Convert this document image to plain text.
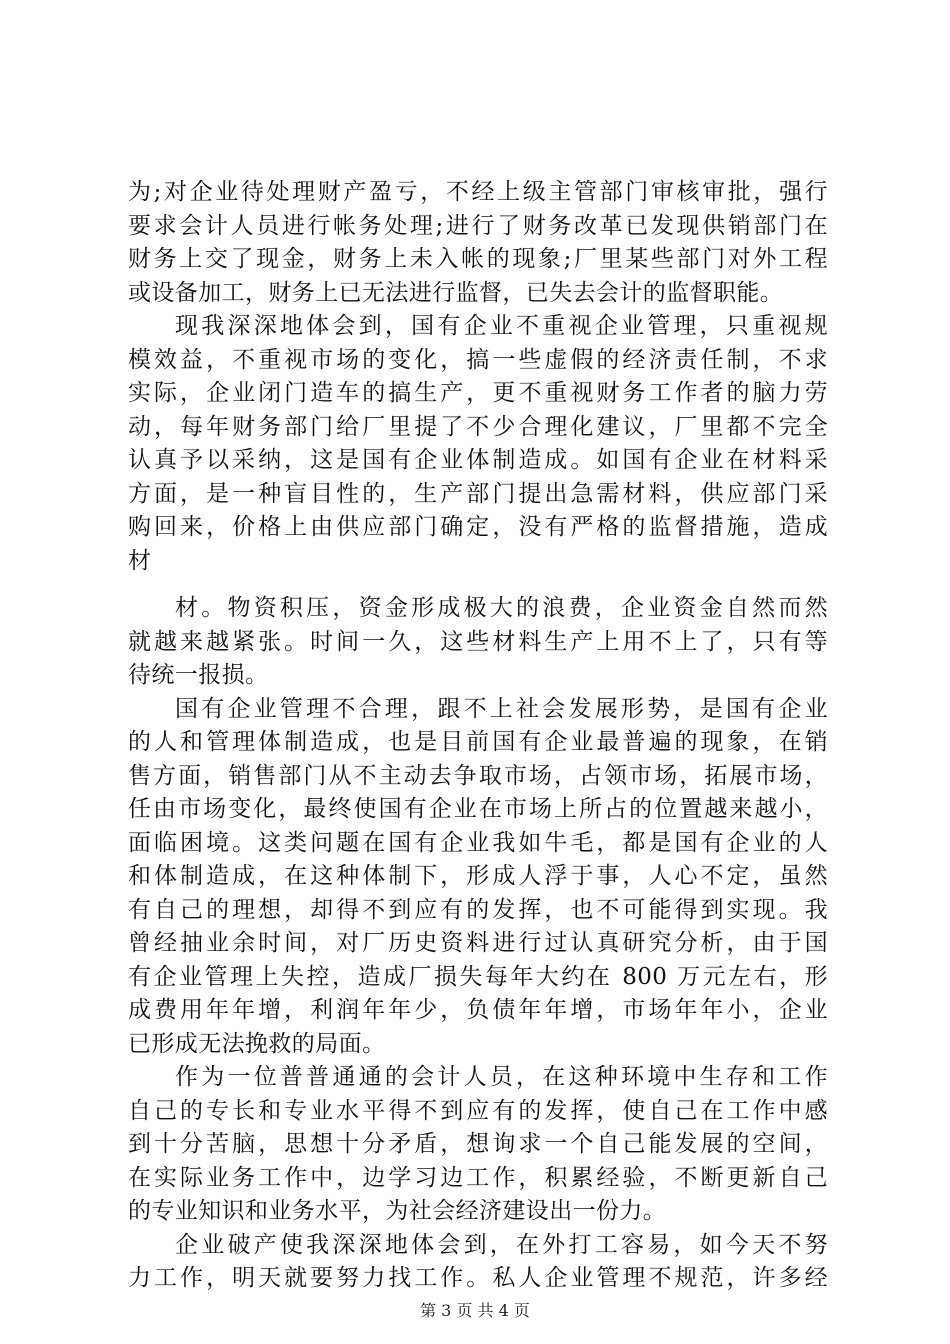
为;对企业待处理财产盈亏，不经上级主管部门审核审批，强行
要求会计人员进行帐务处理;进行了财务改革已发现供销部门在
财务上交了现金，财务上未入帐的现象;厂里某些部门对外工程
或设备加工，财务上已无法进行监督，已失去会计的监督职能。
现我深深地体会到，国有企业不重视企业管理，只重视规
模效益，不重视市场的变化，搞一些虚假的经济责任制，不求
实际，企业闭门造车的搞生产，更不重视财务工作者的脑力劳
动，每年财务部门给厂里提了不少合理化建议，厂里都不完全
认真予以采纳，这是国有企业体制造成。如国有企业在材料采
方面，是一种盲目性的，生产部门提出急需材料，供应部门采
购回来，价格上由供应部门确定，没有严格的监督措施，造成
材
材。物资积压，资金形成极大的浪费，企业资金自然而然
就越来越紧张。时间一久，这些材料生产上用不上了，只有等
待统一报损。
国有企业管理不合理，跟不上社会发展形势，是国有企业
的人和管理体制造成，也是目前国有企业最普遍的现象，在销
售方面，销售部门从不主动去争取市场，占领市场，拓展市场，
任由市场变化，最终使国有企业在市场上所占的位置越来越小，
面临困境。这类问题在国有企业我如牛毛，都是国有企业的人
和体制造成，在这种体制下，形成人浮于事，人心不定，虽然
有自己的理想，却得不到应有的发挥，也不可能得到实现。我
曾经抽业余时间，对厂历史资料进行过认真研究分析，由于国
有企业管理上失控，造成厂损失每年大约在 800 万元左右，形
成费用年年增，利润年年少，负债年年增，市场年年小，企业
已形成无法挽救的局面。
作为一位普普通通的会计人员，在这种环境中生存和工作
自己的专长和专业水平得不到应有的发挥，使自己在工作中感
到十分苦脑，思想十分矛盾，想询求一个自己能发展的空间，
在实际业务工作中，边学习边工作，积累经验，不断更新自己
的专业知识和业务水平，为社会经济建设出一份力。
企业破产使我深深地体会到，在外打工容易，如今天不努
力工作，明天就要努力找工作。私人企业管理不规范，许多经
第 3 页 共 4 页
